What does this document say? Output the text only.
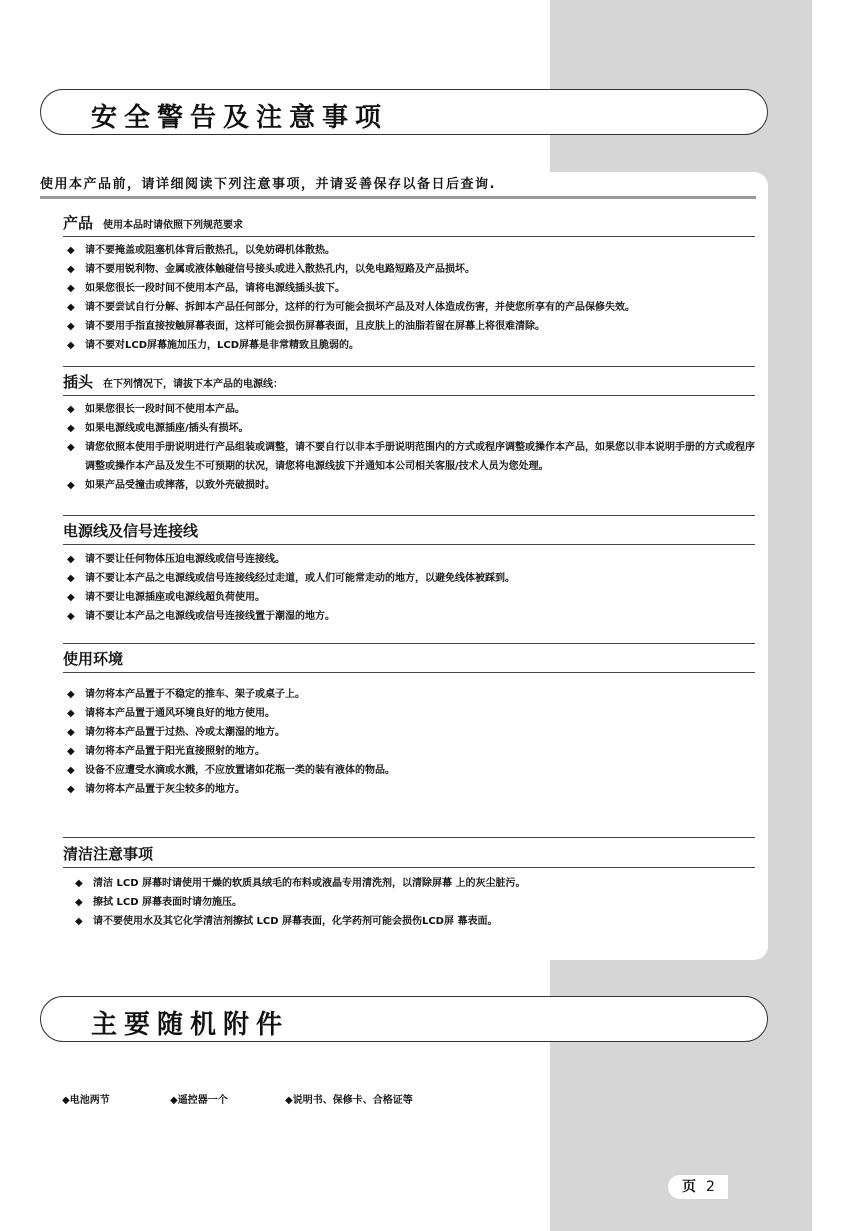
安全警告及注意事项
使用本产品前，请详细阅读下列注意事项，并请妥善保存以备日后查询.
产品 使用本品时请依照下列规范要求
◆ 请不要掩盖或阻塞机体背后散热孔，以免妨碍机体散热。
◆ 请不要用锐利物、金属或液体触碰信号接头或进入散热孔内，以免电路短路及产品损坏。
◆ 如果您很长一段时间不使用本产品，请将电源线插头拔下。
◆ 请不要尝试自行分解、拆卸本产品任何部分，这样的行为可能会损坏产品及对人体造成伤害，并使您所享有的产品保修失效。
◆ 请不要用手指直接按触屏幕表面，这样可能会损伤屏幕表面，且皮肤上的油脂若留在屏幕上将很难清除。
◆ 请不要对LCD屏幕施加压力，LCD屏幕是非常精致且脆弱的。
插头 在下列情况下，请拔下本产品的电源线：
◆ 如果您很长一段时间不使用本产品。
◆ 如果电源线或电源插座/插头有损坏。
◆ 请您依照本使用手册说明进行产品组装或调整，请不要自行以非本手册说明范围内的方式或程序调整或操作本产品，如果您以非本说明手册的方式或程序调整或操作本产品及发生不可预期的状况，请您将电源线拔下并通知本公司相关客服/技术人员为您处理。
◆ 如果产品受撞击或摔落，以致外壳破损时。
电源线及信号连接线
◆ 请不要让任何物体压迫电源线或信号连接线。
◆ 请不要让本产品之电源线或信号连接线经过走道，或人们可能常走动的地方，以避免线体被踩到。
◆ 请不要让电源插座或电源线超负荷使用。
◆ 请不要让本产品之电源线或信号连接线置于潮湿的地方。
使用环境
◆ 请勿将本产品置于不稳定的推车、架子或桌子上。
◆ 请将本产品置于通风环境良好的地方使用。
◆ 请勿将本产品置于过热、冷或太潮湿的地方。
◆ 请勿将本产品置于阳光直接照射的地方。
◆ 设备不应遭受水滴或水溅，不应放置诸如花瓶一类的装有液体的物品。
◆ 请勿将本产品置于灰尘较多的地方。
清洁注意事项
◆ 清洁 LCD 屏幕时请使用干燥的软质具绒毛的布料或液晶专用清洗剂，以清除屏幕 上的灰尘脏污。
◆ 擦拭 LCD 屏幕表面时请勿施压。
◆ 请不要使用水及其它化学清洁剂擦拭 LCD 屏幕表面，化学药剂可能会损伤LCD屏 幕表面。
主要随机附件
◆ 电池两节	◆ 遥控器一个	◆ 说明书、保修卡、合格证等
页 2
